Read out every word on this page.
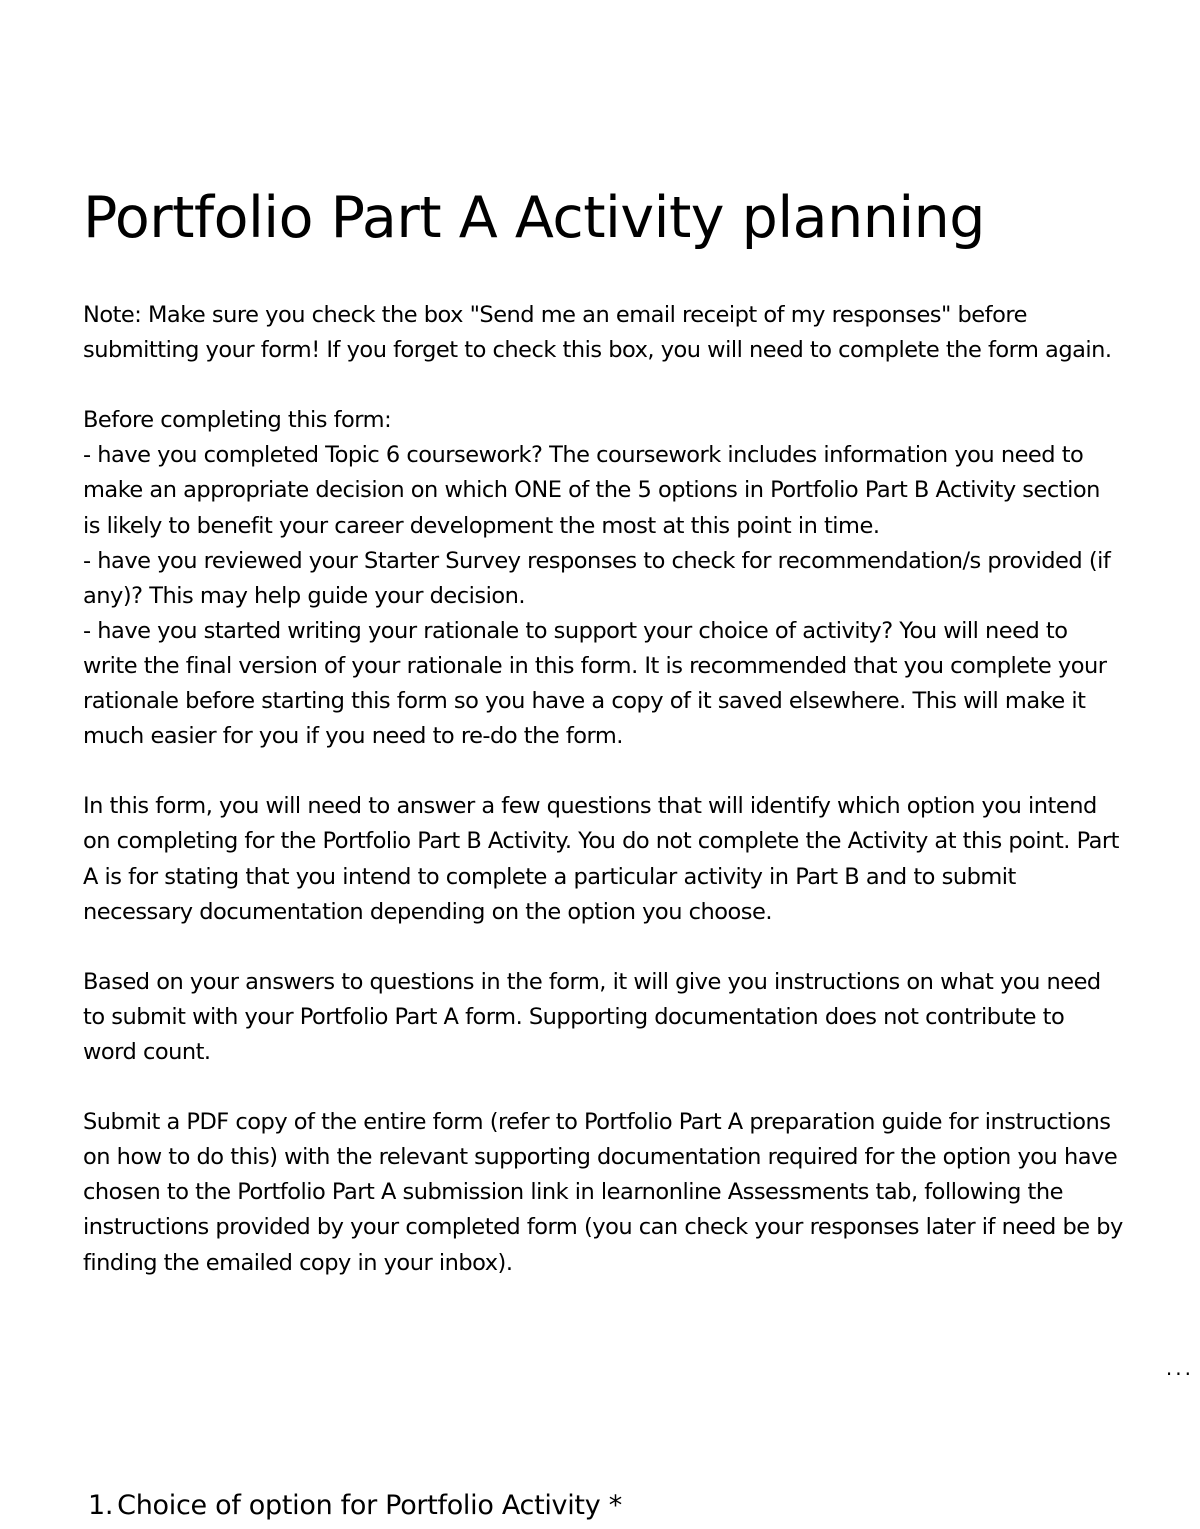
Portfolio Part A Activity planning

Note: Make sure you check the box "Send me an email receipt of my responses" before submitting your form! If you forget to check this box, you will need to complete the form again.

Before completing this form:
- have you completed Topic 6 coursework? The coursework includes information you need to make an appropriate decision on which ONE of the 5 options in Portfolio Part B Activity section is likely to benefit your career development the most at this point in time.
- have you reviewed your Starter Survey responses to check for recommendation/s provided (if any)? This may help guide your decision.
- have you started writing your rationale to support your choice of activity? You will need to write the final version of your rationale in this form. It is recommended that you complete your rationale before starting this form so you have a copy of it saved elsewhere. This will make it much easier for you if you need to re-do the form.

In this form, you will need to answer a few questions that will identify which option you intend on completing for the Portfolio Part B Activity. You do not complete the Activity at this point. Part A is for stating that you intend to complete a particular activity in Part B and to submit necessary documentation depending on the option you choose.

Based on your answers to questions in the form, it will give you instructions on what you need to submit with your Portfolio Part A form. Supporting documentation does not contribute to word count.

Submit a PDF copy of the entire form (refer to Portfolio Part A preparation guide for instructions on how to do this) with the relevant supporting documentation required for the option you have chosen to the Portfolio Part A submission link in learnonline Assessments tab, following the instructions provided by your completed form (you can check your responses later if need be by finding the emailed copy in your inbox).

...
1. Choice of option for Portfolio Activity *
